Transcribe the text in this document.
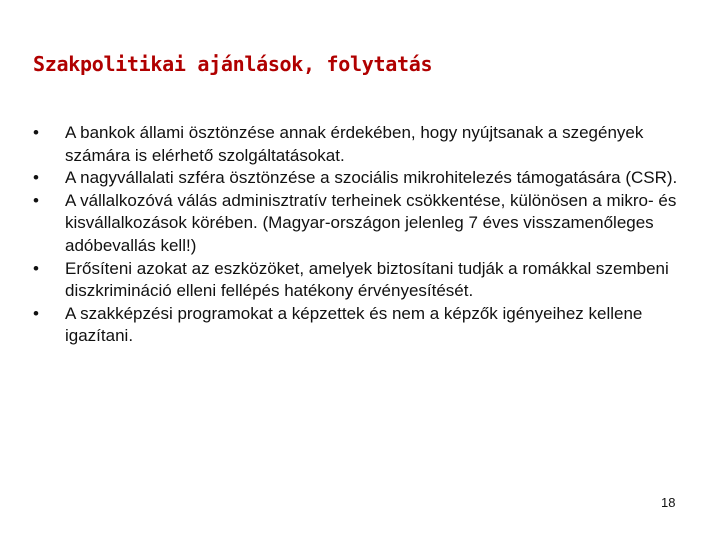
Szakpolitikai ajánlások, folytatás
•	A bankok állami ösztönzése annak érdekében, hogy nyújtsanak a szegények számára is elérhető szolgáltatásokat.
•	A nagyvállalati szféra ösztönzése a szociális mikrohitelezés támogatására (CSR).
•	A vállalkozóvá válás adminisztratív terheinek csökkentése, különösen a mikro- és kisvállalkozások körében. (Magyar-országon jelenleg 7 éves visszamenőleges adóbevallás kell!)
•	Erősíteni azokat az eszközöket, amelyek biztosítani tudják a romákkal szembeni diszkrimináció elleni fellépés hatékony érvényesítését.
•	A szakképzési programokat a képzettek és nem a képzők igényeihez kellene igazítani.
18
